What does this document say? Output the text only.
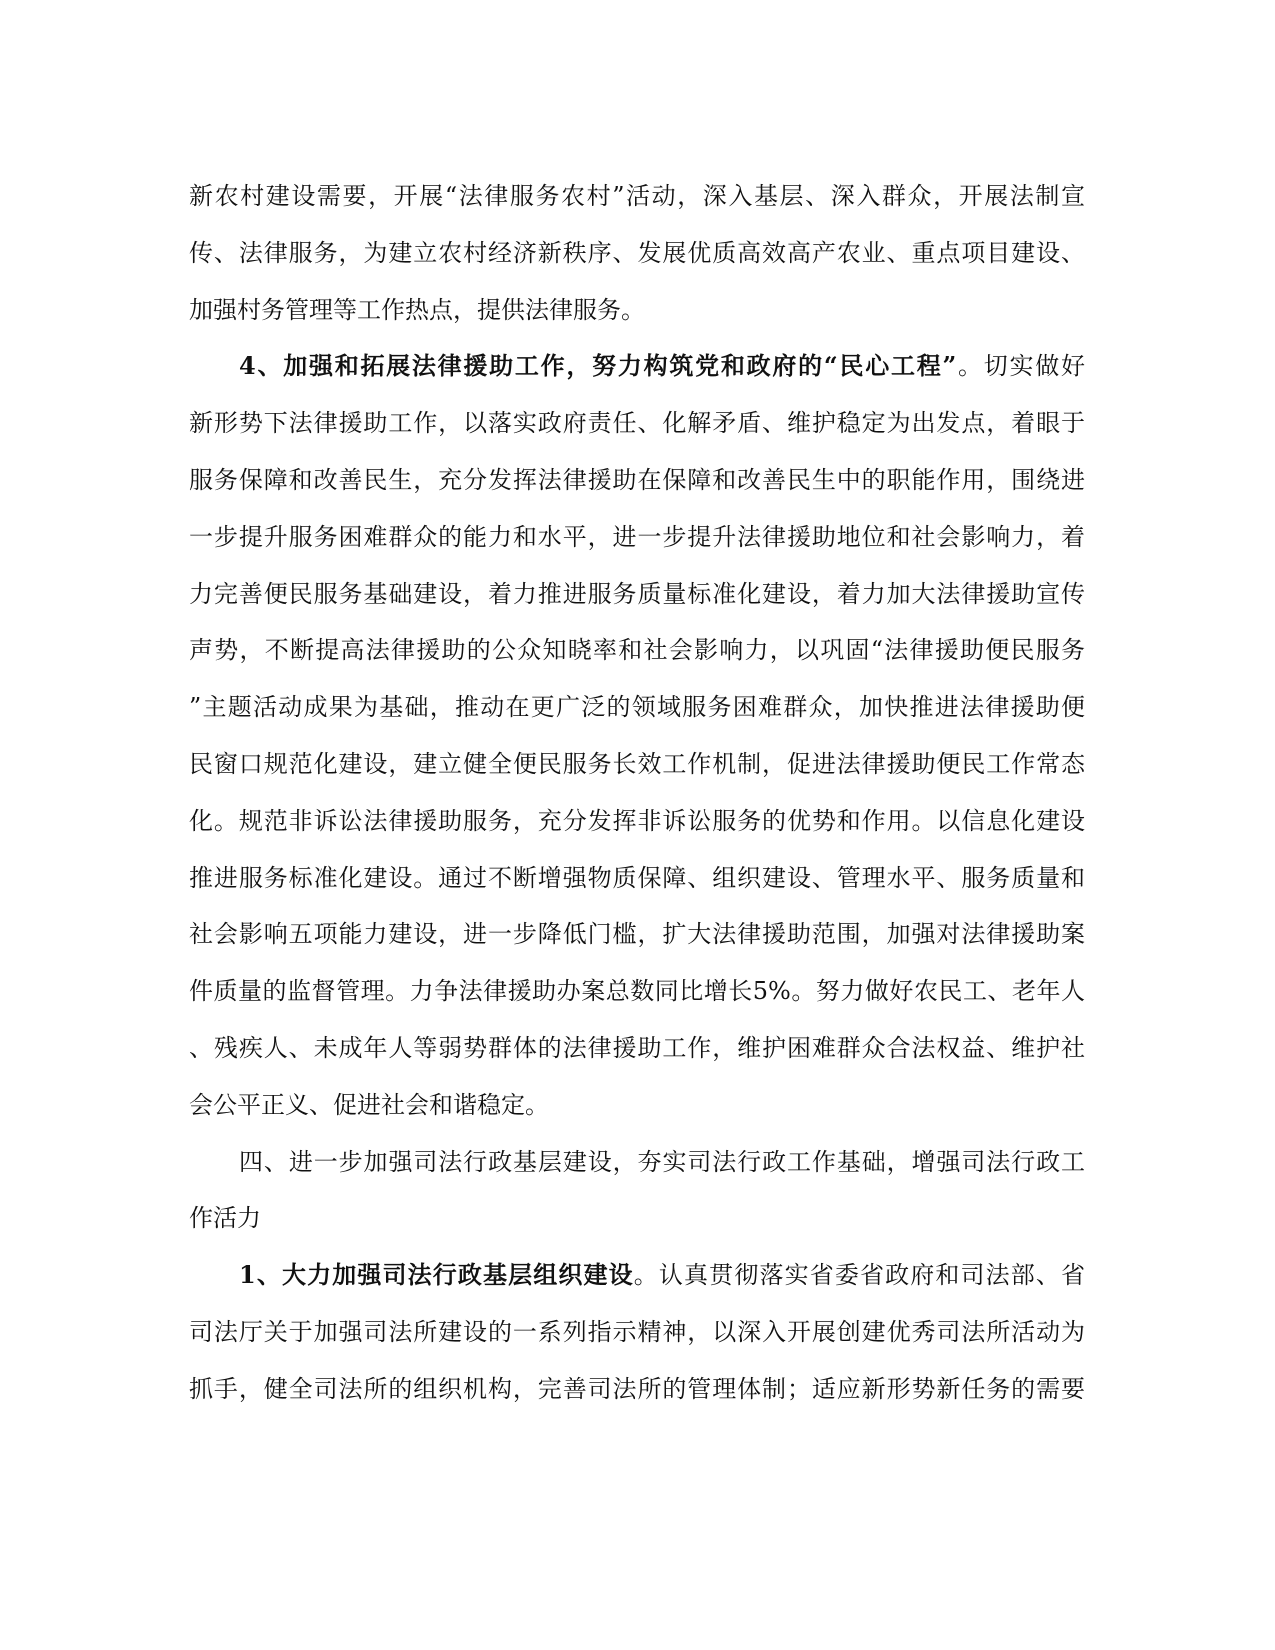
新农村建设需要，开展“法律服务农村”活动，深入基层、深入群众，开展法制宣
传、法律服务，为建立农村经济新秩序、发展优质高效高产农业、重点项目建设、
加强村务管理等工作热点，提供法律服务。
4、加强和拓展法律援助工作，努力构筑党和政府的“民心工程”。切实做好
新形势下法律援助工作，以落实政府责任、化解矛盾、维护稳定为出发点，着眼于
服务保障和改善民生，充分发挥法律援助在保障和改善民生中的职能作用，围绕进
一步提升服务困难群众的能力和水平，进一步提升法律援助地位和社会影响力，着
力完善便民服务基础建设，着力推进服务质量标准化建设，着力加大法律援助宣传
声势，不断提高法律援助的公众知晓率和社会影响力，以巩固“法律援助便民服务
”主题活动成果为基础，推动在更广泛的领域服务困难群众，加快推进法律援助便
民窗口规范化建设，建立健全便民服务长效工作机制，促进法律援助便民工作常态
化。规范非诉讼法律援助服务，充分发挥非诉讼服务的优势和作用。以信息化建设
推进服务标准化建设。通过不断增强物质保障、组织建设、管理水平、服务质量和
社会影响五项能力建设，进一步降低门槛，扩大法律援助范围，加强对法律援助案
件质量的监督管理。力争法律援助办案总数同比增长5%。努力做好农民工、老年人
、残疾人、未成年人等弱势群体的法律援助工作，维护困难群众合法权益、维护社
会公平正义、促进社会和谐稳定。
四、进一步加强司法行政基层建设，夯实司法行政工作基础，增强司法行政工
作活力
1、大力加强司法行政基层组织建设。认真贯彻落实省委省政府和司法部、省
司法厅关于加强司法所建设的一系列指示精神，以深入开展创建优秀司法所活动为
抓手，健全司法所的组织机构，完善司法所的管理体制；适应新形势新任务的需要
